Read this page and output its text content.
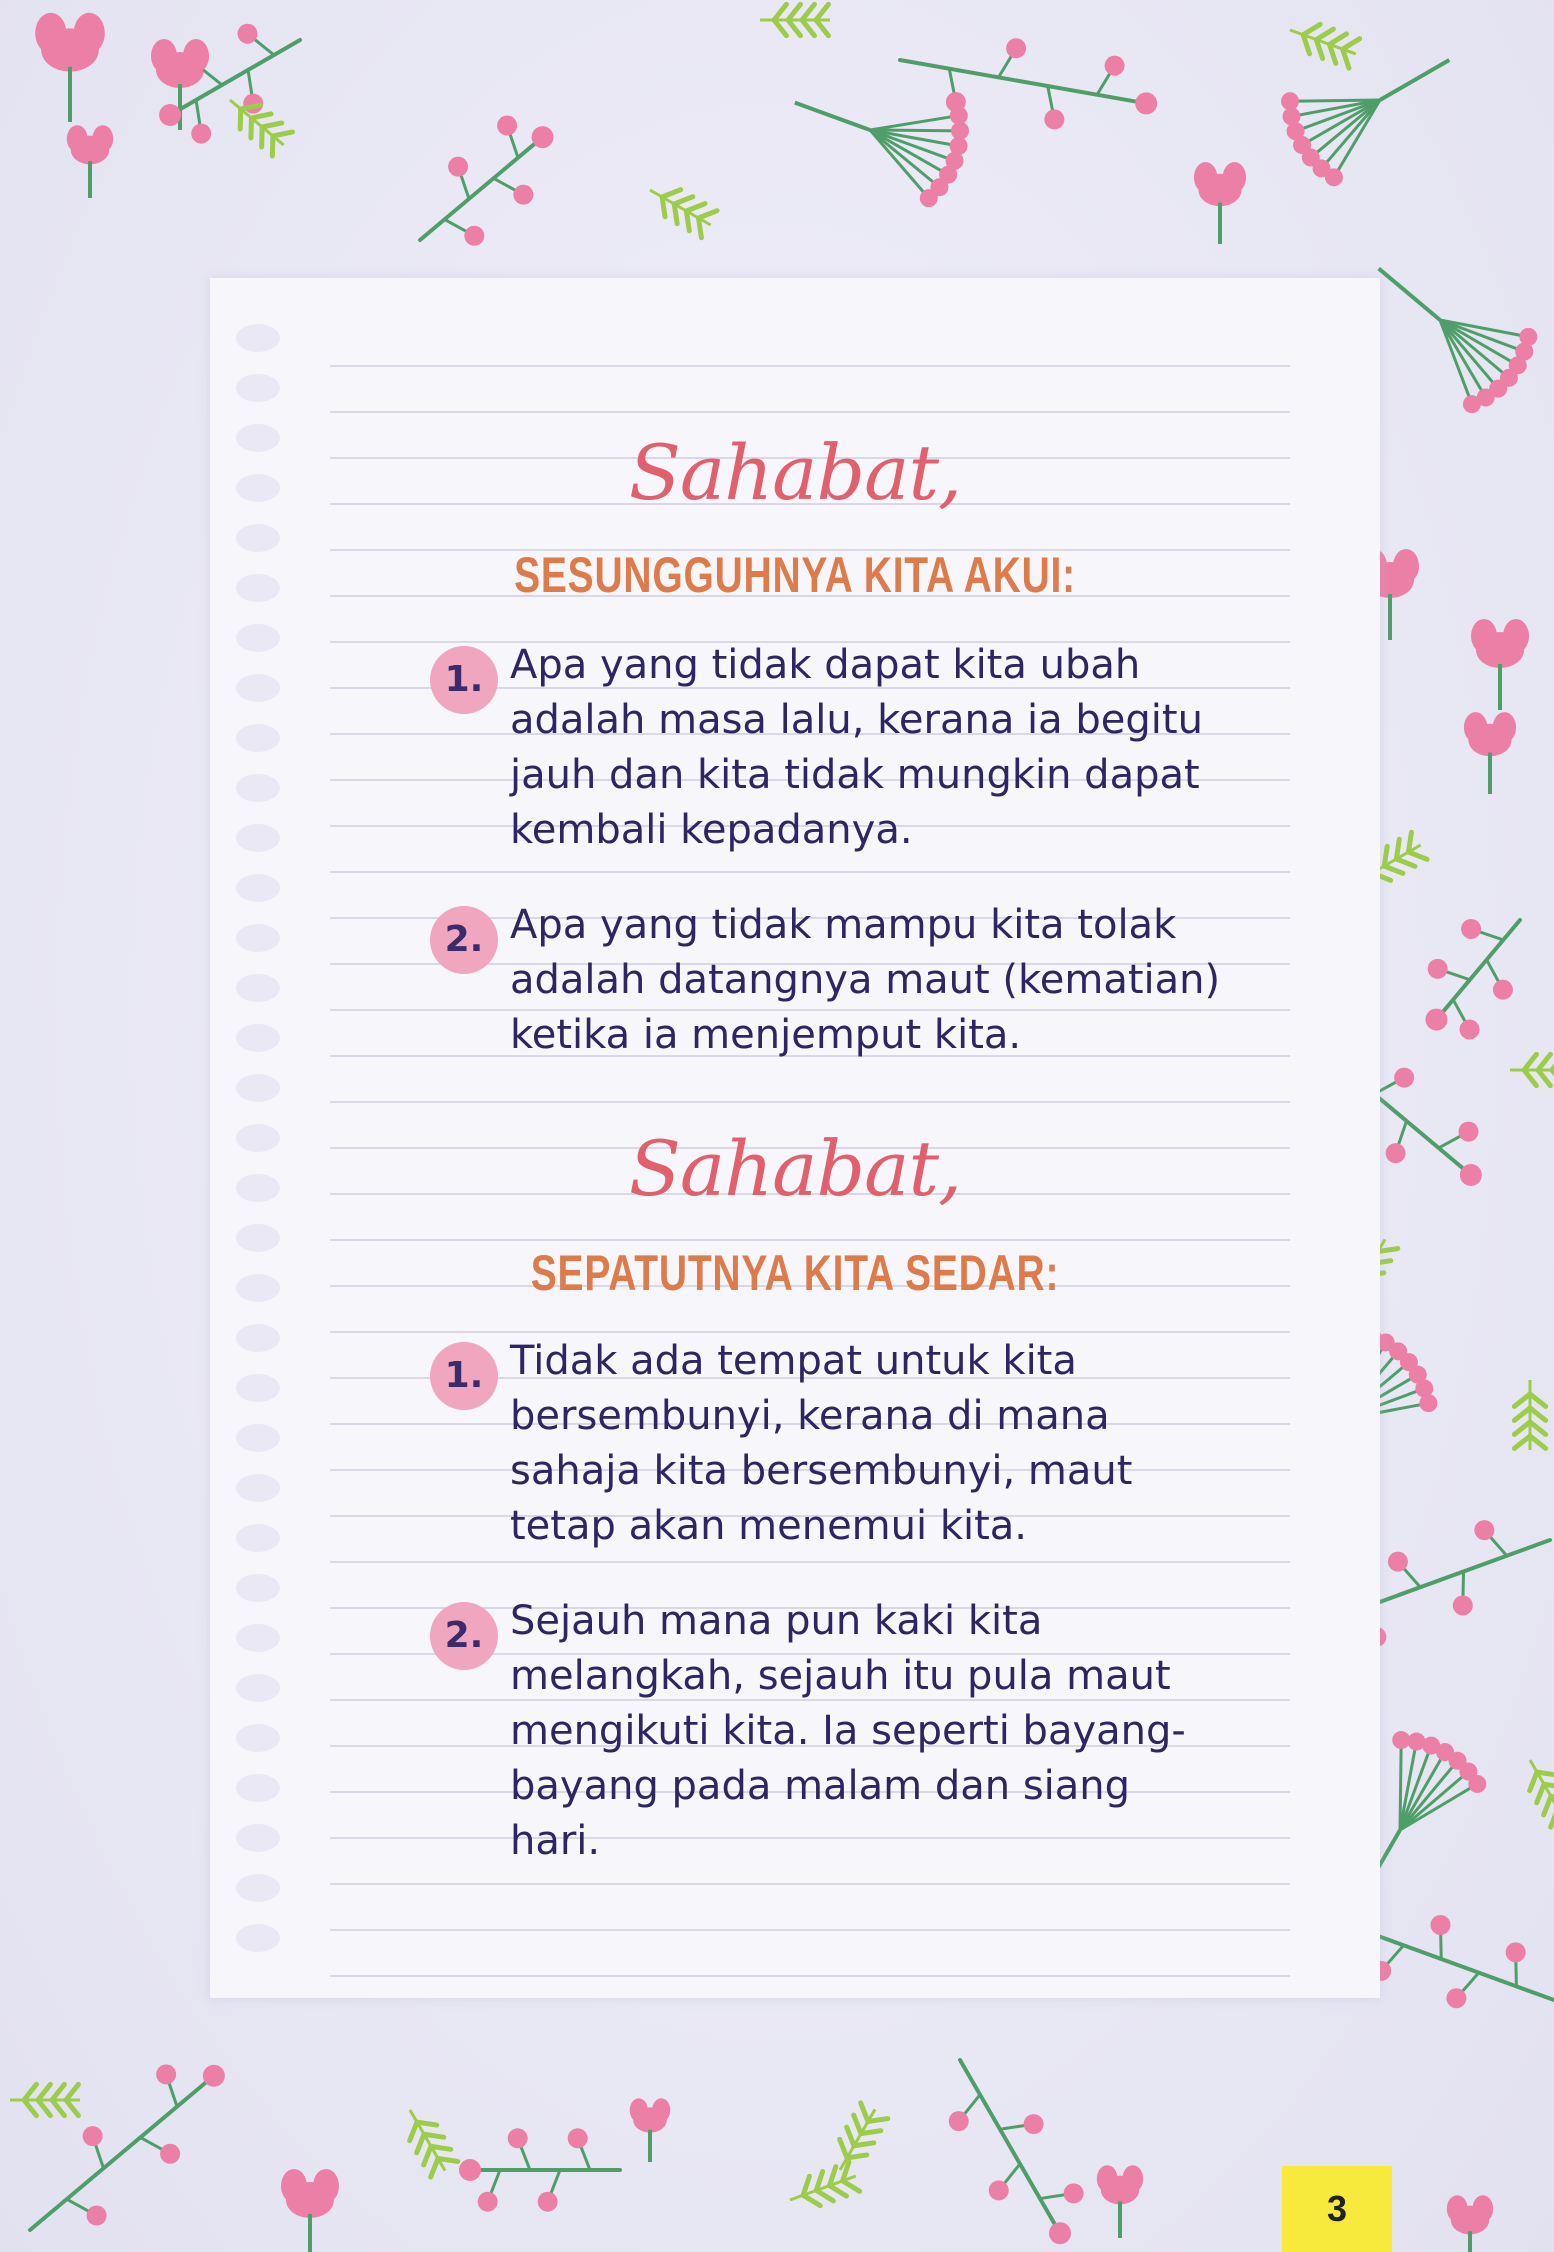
Sahabat,
SESUNGGUHNYA KITA AKUI:
1. Apa yang tidak dapat kita ubah
adalah masa lalu, kerana ia begitu
jauh dan kita tidak mungkin dapat
kembali kepadanya.
2. Apa yang tidak mampu kita tolak
adalah datangnya maut (kematian)
ketika ia menjemput kita.
Sahabat,
SEPATUTNYA KITA SEDAR:
1. Tidak ada tempat untuk kita
bersembunyi, kerana di mana
sahaja kita bersembunyi, maut
tetap akan menemui kita.
2. Sejauh mana pun kaki kita
melangkah, sejauh itu pula maut
mengikuti kita. Ia seperti bayang-
bayang pada malam dan siang
hari.
3
